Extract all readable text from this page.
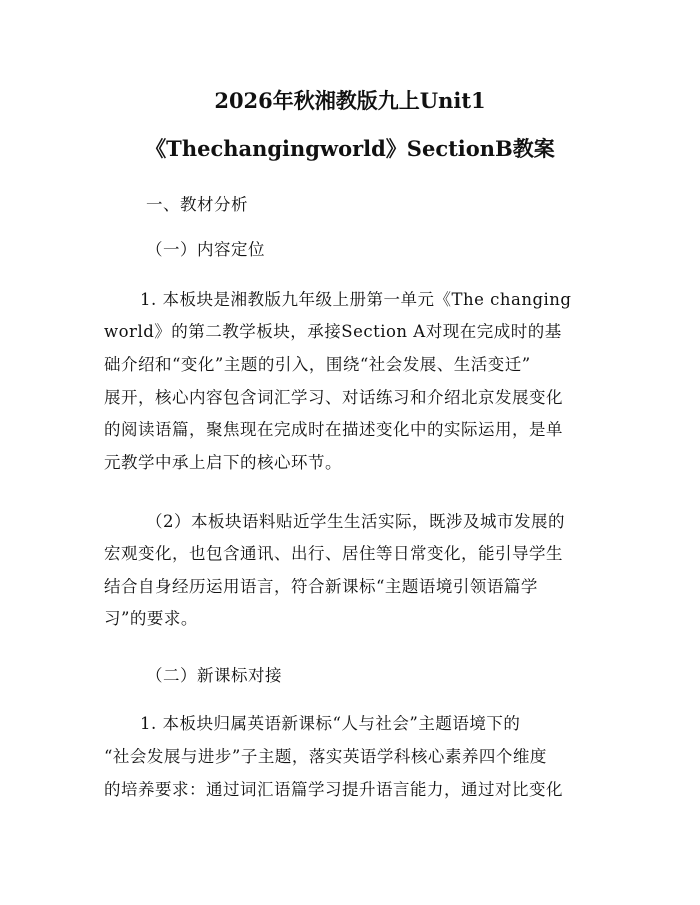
2026年秋湘教版九上Unit1
《Thechangingworld》SectionB教案
一、教材分析
（一）内容定位
1. 本板块是湘教版九年级上册第一单元《The changing
world》的第二教学板块，承接Section A对现在完成时的基
础介绍和“变化”主题的引入，围绕“社会发展、生活变迁”
展开，核心内容包含词汇学习、对话练习和介绍北京发展变化
的阅读语篇，聚焦现在完成时在描述变化中的实际运用，是单
元教学中承上启下的核心环节。
（2）本板块语料贴近学生生活实际，既涉及城市发展的
宏观变化，也包含通讯、出行、居住等日常变化，能引导学生
结合自身经历运用语言，符合新课标“主题语境引领语篇学
习”的要求。
（二）新课标对接
1. 本板块归属英语新课标“人与社会”主题语境下的
“社会发展与进步”子主题，落实英语学科核心素养四个维度
的培养要求：通过词汇语篇学习提升语言能力，通过对比变化
